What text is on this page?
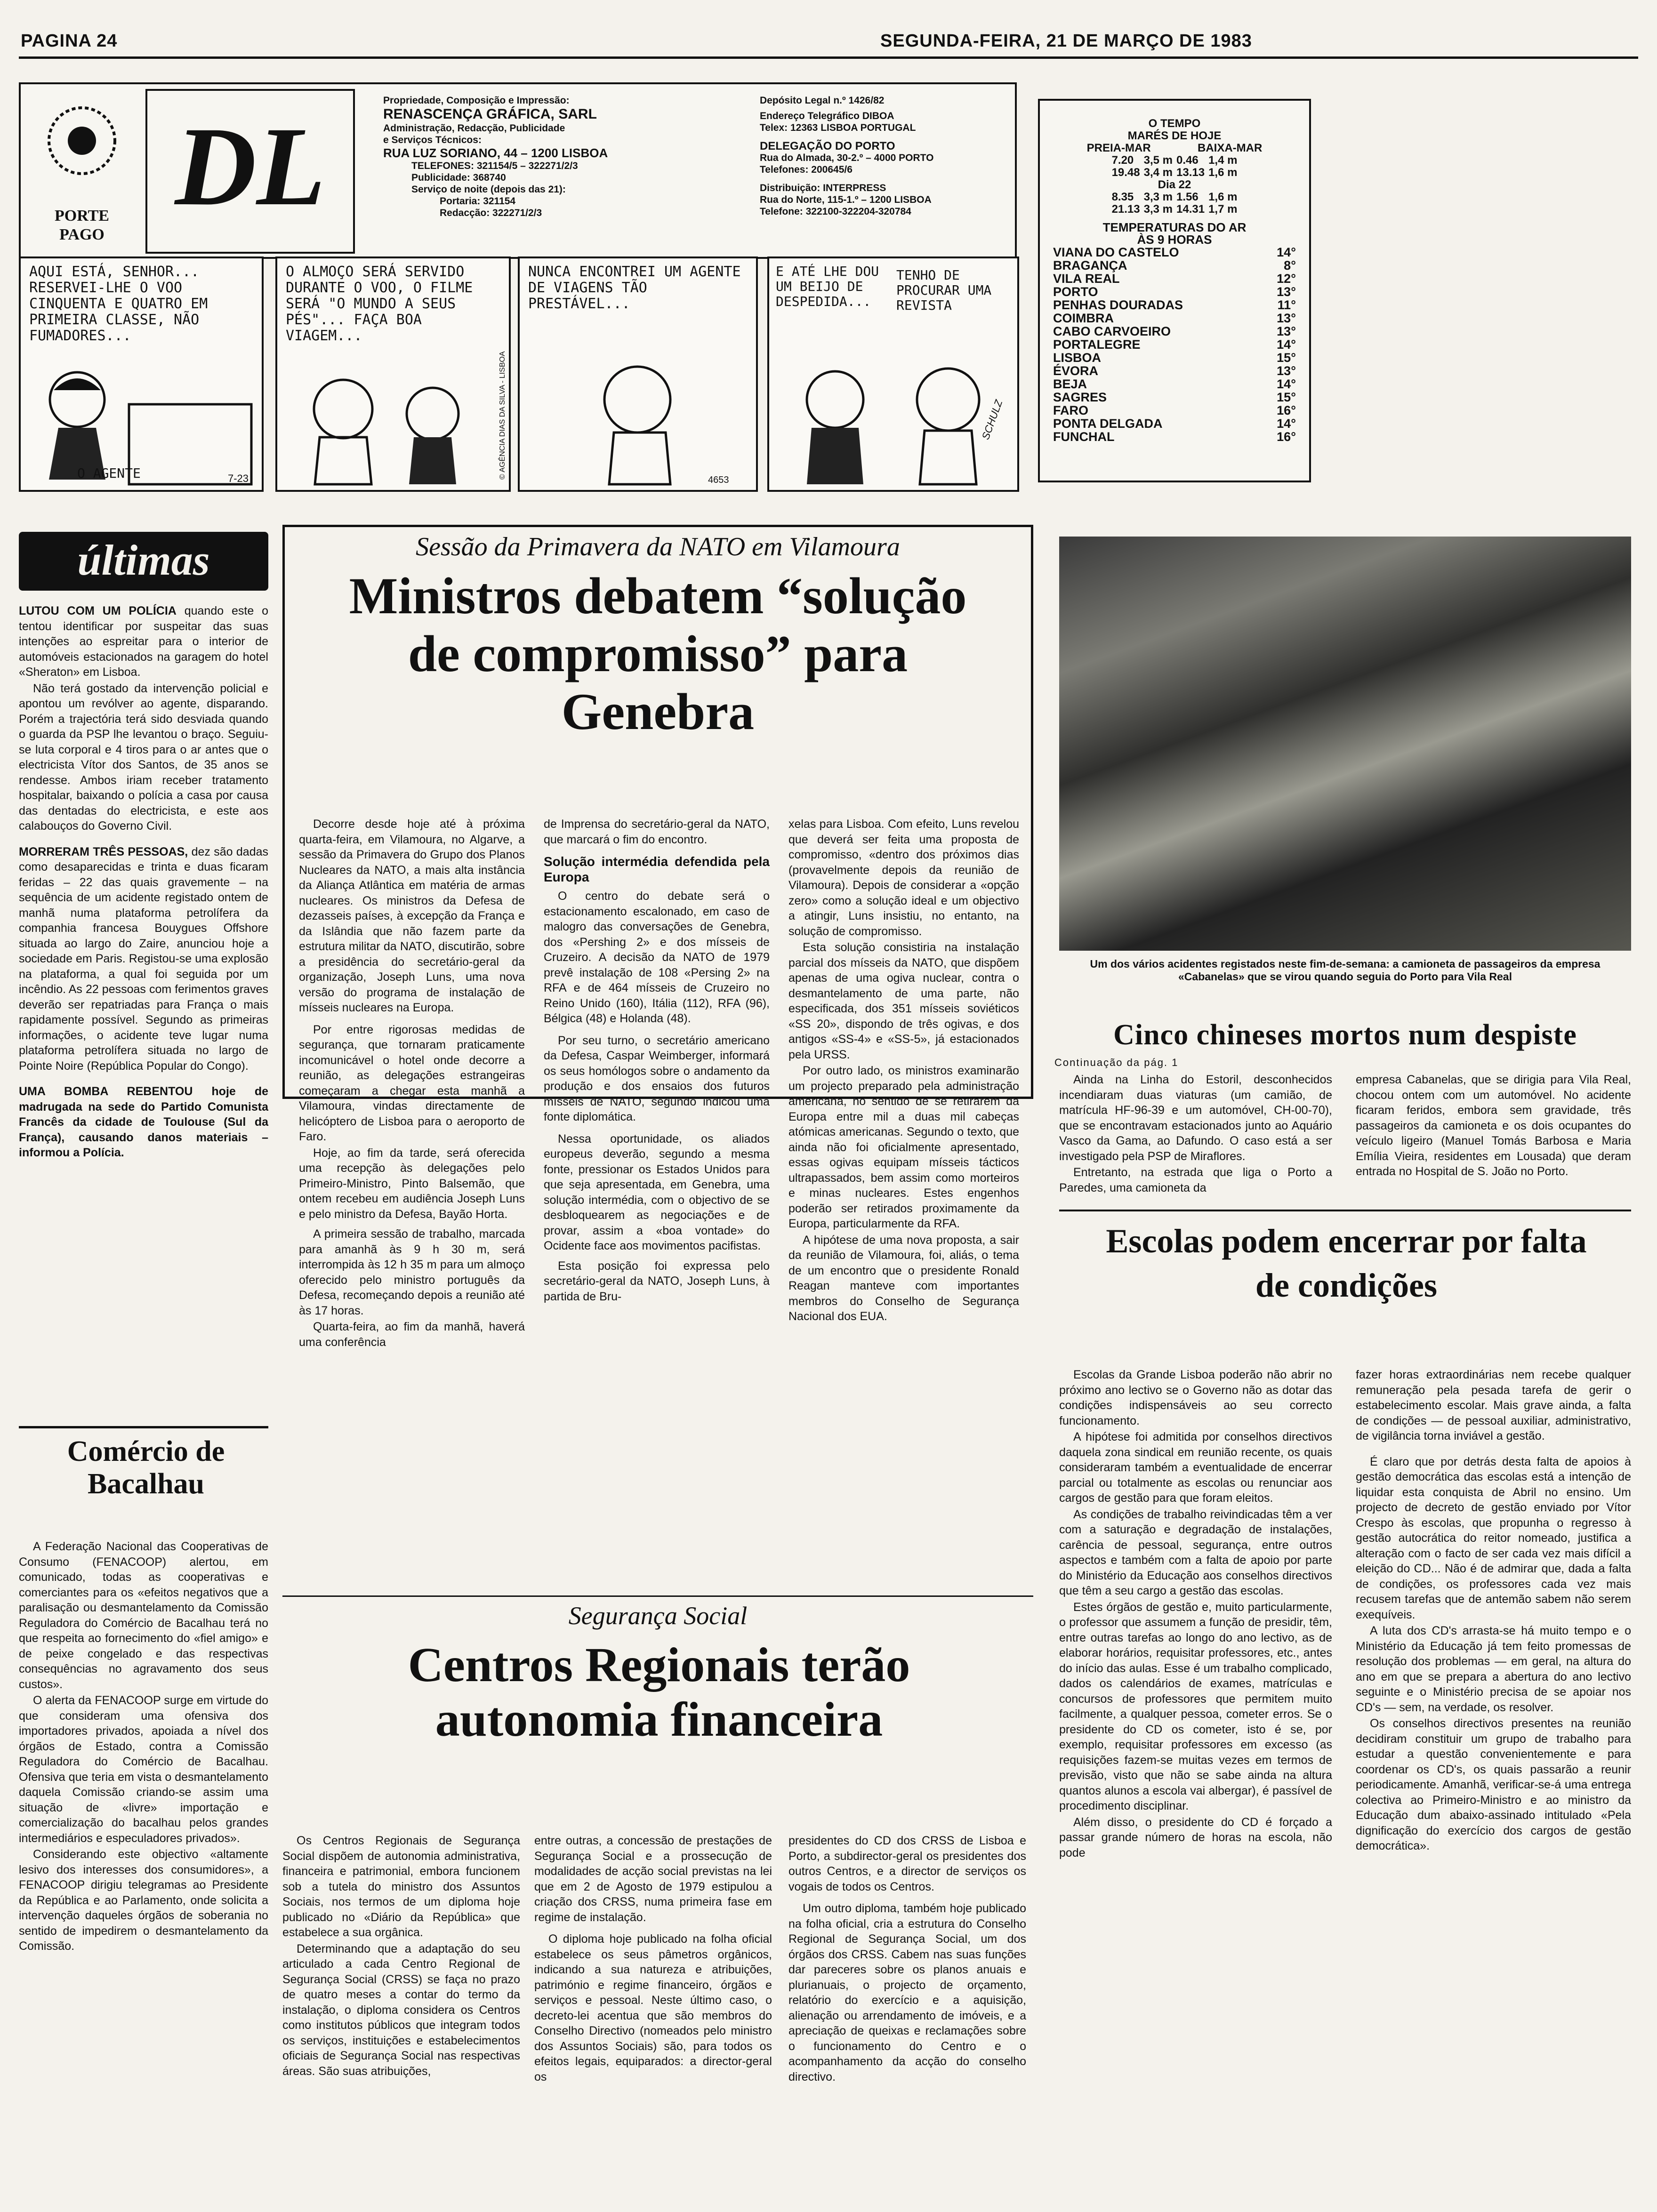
PAGINA 24	SEGUNDA-FEIRA, 21 DE MARÇO DE 1983
PORTE PAGO
DL
Propriedade, Composição e Impressão:
RENASCENÇA GRÁFICA, SARL
Administração, Redacção, Publicidade
e Serviços Técnicos:
RUA LUZ SORIANO, 44 – 1200 LISBOA
TELEFONES: 321154/5 – 322271/2/3
Publicidade: 368740
Serviço de noite (depois das 21):
Portaria: 321154
Redacção: 322271/2/3
Depósito Legal n.º 1426/82
Endereço Telegráfico DIBOA
Telex: 12363 LISBOA PORTUGAL
DELEGAÇÃO DO PORTO
Rua do Almada, 30-2.º – 4000 PORTO
Telefones: 200645/6
Distribuição: INTERPRESS
Rua do Norte, 115-1.º – 1200 LISBOA
Telefone: 322100-322204-320784
O TEMPO
MARÉS DE HOJE
PREIA-MAR	BAIXA-MAR
7.20	3,5 m	0.46	1,4 m
19.48	3,4 m	13.13	1,6 m
Dia 22
8.35	3,3 m	1.56	1,6 m
21.13	3,3 m	14.31	1,7 m
TEMPERATURAS DO AR
ÀS 9 HORAS
VIANA DO CASTELO	14°
BRAGANÇA	8°
VILA REAL	12°
PORTO	13°
PENHAS DOURADAS	11°
COIMBRA	13°
CABO CARVOEIRO	13°
PORTALEGRE	14°
LISBOA	15°
ÉVORA	13°
BEJA	14°
SAGRES	15°
FARO	16°
PONTA DELGADA	14°
FUNCHAL	16°
AQUI ESTÁ, SENHOR... RESERVEI-LHE O VOO CINQUENTA E QUATRO EM PRIMEIRA CLASSE, NÃO FUMADORES...
O AGENTE	7-23
O ALMOÇO SERÁ SERVIDO DURANTE O VOO, O FILME SERÁ "O MUNDO A SEUS PÉS"... FAÇA BOA VIAGEM...
© AGÊNCIA DIAS DA SILVA - LISBOA
NUNCA ENCONTREI UM AGENTE DE VIAGENS TÃO PRESTÁVEL...
4653
E ATÉ LHE DOU UM BEIJO DE DESPEDIDA...
TENHO DE PROCURAR UMA REVISTA
SCHULZ
últimas

LUTOU COM UM POLÍCIA quando este o tentou identificar por suspeitar das suas intenções ao espreitar para o interior de automóveis estacionados na garagem do hotel «Sheraton» em Lisboa.

Não terá gostado da intervenção policial e apontou um revólver ao agente, disparando. Porém a trajectória terá sido desviada quando o guarda da PSP lhe levantou o braço. Seguiu-se luta corporal e 4 tiros para o ar antes que o electricista Vítor dos Santos, de 35 anos se rendesse. Ambos iriam receber tratamento hospitalar, baixando o polícia a casa por causa das dentadas do electricista, e este aos calabouços do Governo Civil.

MORRERAM TRÊS PESSOAS, dez são dadas como desaparecidas e trinta e duas ficaram feridas – 22 das quais gravemente – na sequência de um acidente registado ontem de manhã numa plataforma petrolífera da companhia francesa Bouygues Offshore situada ao largo do Zaire, anunciou hoje a sociedade em Paris. Registou-se uma explosão na plataforma, a qual foi seguida por um incêndio. As 22 pessoas com ferimentos graves deverão ser repatriadas para França o mais rapidamente possível. Segundo as primeiras informações, o acidente teve lugar numa plataforma petrolífera situada no largo de Pointe Noire (República Popular do Congo).

UMA BOMBA REBENTOU hoje de madrugada na sede do Partido Comunista Francês da cidade de Toulouse (Sul da França), causando danos materiais – informou a Polícia.

Comércio de Bacalhau

A Federação Nacional das Cooperativas de Consumo (FENACOOP) alertou, em comunicado, todas as cooperativas e comerciantes para os «efeitos negativos que a paralisação ou desmantelamento da Comissão Reguladora do Comércio de Bacalhau terá no que respeita ao fornecimento do «fiel amigo» e de peixe congelado e das respectivas consequências no agravamento dos seus custos».

O alerta da FENACOOP surge em virtude do que consideram uma ofensiva dos importadores privados, apoiada a nível dos órgãos de Estado, contra a Comissão Reguladora do Comércio de Bacalhau. Ofensiva que teria em vista o desmantelamento daquela Comissão criando-se assim uma situação de «livre» importação e comercialização do bacalhau pelos grandes intermediários e especuladores privados».

Considerando este objectivo «altamente lesivo dos interesses dos consumidores», a FENACOOP dirigiu telegramas ao Presidente da República e ao Parlamento, onde solicita a intervenção daqueles órgãos de soberania no sentido de impedirem o desmantelamento da Comissão.

Sessão da Primavera da NATO em Vilamoura
Ministros debatem “solução de compromisso” para Genebra

Decorre desde hoje até à próxima quarta-feira, em Vilamoura, no Algarve, a sessão da Primavera do Grupo dos Planos Nucleares da NATO, a mais alta instância da Aliança Atlântica em matéria de armas nucleares. Os ministros da Defesa de dezasseis países, à excepção da França e da Islândia que não fazem parte da estrutura militar da NATO, discutirão, sobre a presidência do secretário-geral da organização, Joseph Luns, uma nova versão do programa de instalação de mísseis nucleares na Europa.

Por entre rigorosas medidas de segurança, que tornaram praticamente incomunicável o hotel onde decorre a reunião, as delegações estrangeiras começaram a chegar esta manhã a Vilamoura, vindas directamente de helicóptero de Lisboa para o aeroporto de Faro.

Hoje, ao fim da tarde, será oferecida uma recepção às delegações pelo Primeiro-Ministro, Pinto Balsemão, que ontem recebeu em audiência Joseph Luns e pelo ministro da Defesa, Bayão Horta.

A primeira sessão de trabalho, marcada para amanhã às 9 h 30 m, será interrompida às 12 h 35 m para um almoço oferecido pelo ministro português da Defesa, recomeçando depois a reunião até às 17 horas.

Quarta-feira, ao fim da manhã, haverá uma conferência

de Imprensa do secretário-geral da NATO, que marcará o fim do encontro.

Solução intermédia defendida pela Europa

O centro do debate será o estacionamento escalonado, em caso de malogro das conversações de Genebra, dos «Pershing 2» e dos mísseis de Cruzeiro. A decisão da NATO de 1979 prevê instalação de 108 «Persing 2» na RFA e de 464 mísseis de Cruzeiro no Reino Unido (160), Itália (112), RFA (96), Bélgica (48) e Holanda (48).

Por seu turno, o secretário americano da Defesa, Caspar Weimberger, informará os seus homólogos sobre o andamento da produção e dos ensaios dos futuros mísseis de NATO, segundo indicou uma fonte diplomática.

Nessa oportunidade, os aliados europeus deverão, segundo a mesma fonte, pressionar os Estados Unidos para que seja apresentada, em Genebra, uma solução intermédia, com o objectivo de se desbloquearem as negociações e de provar, assim a «boa vontade» do Ocidente face aos movimentos pacifistas.

Esta posição foi expressa pelo secretário-geral da NATO, Joseph Luns, à partida de Bru-

xelas para Lisboa. Com efeito, Luns revelou que deverá ser feita uma proposta de compromisso, «dentro dos próximos dias (provavelmente depois da reunião de Vilamoura). Depois de considerar a «opção zero» como a solução ideal e um objectivo a atingir, Luns insistiu, no entanto, na solução de compromisso.

Esta solução consistiria na instalação parcial dos mísseis da NATO, que dispõem apenas de uma ogiva nuclear, contra o desmantelamento de uma parte, não especificada, dos 351 mísseis soviéticos «SS 20», dispondo de três ogivas, e dos antigos «SS-4» e «SS-5», já estacionados pela URSS.

Por outro lado, os ministros examinarão um projecto preparado pela administração americana, no sentido de se retirarem da Europa entre mil a duas mil cabeças atómicas americanas. Segundo o texto, que ainda não foi oficialmente apresentado, essas ogivas equipam mísseis tácticos ultrapassados, bem assim como morteiros e minas nucleares. Estes engenhos poderão ser retirados proximamente da Europa, particularmente da RFA.

A hipótese de uma nova proposta, a sair da reunião de Vilamoura, foi, aliás, o tema de um encontro que o presidente Ronald Reagan manteve com importantes membros do Conselho de Segurança Nacional dos EUA.

Segurança Social
Centros Regionais terão autonomia financeira

Os Centros Regionais de Segurança Social dispõem de autonomia administrativa, financeira e patrimonial, embora funcionem sob a tutela do ministro dos Assuntos Sociais, nos termos de um diploma hoje publicado no «Diário da República» que estabelece a sua orgânica.

Determinando que a adaptação do seu articulado a cada Centro Regional de Segurança Social (CRSS) se faça no prazo de quatro meses a contar do termo da instalação, o diploma considera os Centros como institutos públicos que integram todos os serviços, instituições e estabelecimentos oficiais de Segurança Social nas respectivas áreas. São suas atribuições,

entre outras, a concessão de prestações de Segurança Social e a prossecução de modalidades de acção social previstas na lei que em 2 de Agosto de 1979 estipulou a criação dos CRSS, numa primeira fase em regime de instalação.

O diploma hoje publicado na folha oficial estabelece os seus pâmetros orgânicos, indicando a sua natureza e atribuições, património e regime financeiro, órgãos e serviços e pessoal. Neste último caso, o decreto-lei acentua que são membros do Conselho Directivo (nomeados pelo ministro dos Assuntos Sociais) são, para todos os efeitos legais, equiparados: a director-geral os

presidentes do CD dos CRSS de Lisboa e Porto, a subdirector-geral os presidentes dos outros Centros, e a director de serviços os vogais de todos os Centros.

Um outro diploma, também hoje publicado na folha oficial, cria a estrutura do Conselho Regional de Segurança Social, um dos órgãos dos CRSS. Cabem nas suas funções dar pareceres sobre os planos anuais e plurianuais, o projecto de orçamento, relatório do exercício e a aquisição, alienação ou arrendamento de imóveis, e a apreciação de queixas e reclamações sobre o funcionamento do Centro e o acompanhamento da acção do conselho directivo.

Um dos vários acidentes registados neste fim-de-semana: a camioneta de passageiros da empresa «Cabanelas» que se virou quando seguia do Porto para Vila Real
Cinco chineses mortos num despiste
Continuação da pág. 1

Ainda na Linha do Estoril, desconhecidos incendiaram duas viaturas (um camião, de matrícula HF-96-39 e um automóvel, CH-00-70), que se encontravam estacionados junto ao Aquário Vasco da Gama, ao Dafundo. O caso está a ser investigado pela PSP de Miraflores.

Entretanto, na estrada que liga o Porto a Paredes, uma camioneta da

empresa Cabanelas, que se dirigia para Vila Real, chocou ontem com um automóvel. No acidente ficaram feridos, embora sem gravidade, três passageiros da camioneta e os dois ocupantes do veículo ligeiro (Manuel Tomás Barbosa e Maria Emília Vieira, residentes em Lousada) que deram entrada no Hospital de S. João no Porto.

Escolas podem encerrar por falta de condições

Escolas da Grande Lisboa poderão não abrir no próximo ano lectivo se o Governo não as dotar das condições indispensáveis ao seu correcto funcionamento.

A hipótese foi admitida por conselhos directivos daquela zona sindical em reunião recente, os quais consideraram também a eventualidade de encerrar parcial ou totalmente as escolas ou renunciar aos cargos de gestão para que foram eleitos.

As condições de trabalho reivindicadas têm a ver com a saturação e degradação de instalações, carência de pessoal, segurança, entre outros aspectos e também com a falta de apoio por parte do Ministério da Educação aos conselhos directivos que têm a seu cargo a gestão das escolas.

Estes órgãos de gestão e, muito particularmente, o professor que assumem a função de presidir, têm, entre outras tarefas ao longo do ano lectivo, as de elaborar horários, requisitar professores, etc., antes do início das aulas. Esse é um trabalho complicado, dados os calendários de exames, matrículas e concursos de professores que permitem muito facilmente, a qualquer pessoa, cometer erros. Se o presidente do CD os cometer, isto é se, por exemplo, requisitar professores em excesso (as requisições fazem-se muitas vezes em termos de previsão, visto que não se sabe ainda na altura quantos alunos a escola vai albergar), é passível de procedimento disciplinar.

Além disso, o presidente do CD é forçado a passar grande número de horas na escola, não pode

fazer horas extraordinárias nem recebe qualquer remuneração pela pesada tarefa de gerir o estabelecimento escolar. Mais grave ainda, a falta de condições — de pessoal auxiliar, administrativo, de vigilância torna inviável a gestão.

É claro que por detrás desta falta de apoios à gestão democrática das escolas está a intenção de liquidar esta conquista de Abril no ensino. Um projecto de decreto de gestão enviado por Vítor Crespo às escolas, que propunha o regresso à gestão autocrática do reitor nomeado, justifica a alteração com o facto de ser cada vez mais difícil a eleição do CD... Não é de admirar que, dada a falta de condições, os professores cada vez mais recusem tarefas que de antemão sabem não serem exequíveis.

A luta dos CD's arrasta-se há muito tempo e o Ministério da Educação já tem feito promessas de resolução dos problemas — em geral, na altura do ano em que se prepara a abertura do ano lectivo seguinte e o Ministério precisa de se apoiar nos CD's — sem, na verdade, os resolver.

Os conselhos directivos presentes na reunião decidiram constituir um grupo de trabalho para estudar a questão convenientemente e para coordenar os CD's, os quais passarão a reunir periodicamente. Amanhã, verificar-se-á uma entrega colectiva ao Primeiro-Ministro e ao ministro da Educação dum abaixo-assinado intitulado «Pela dignificação do exercício dos cargos de gestão democrática».
